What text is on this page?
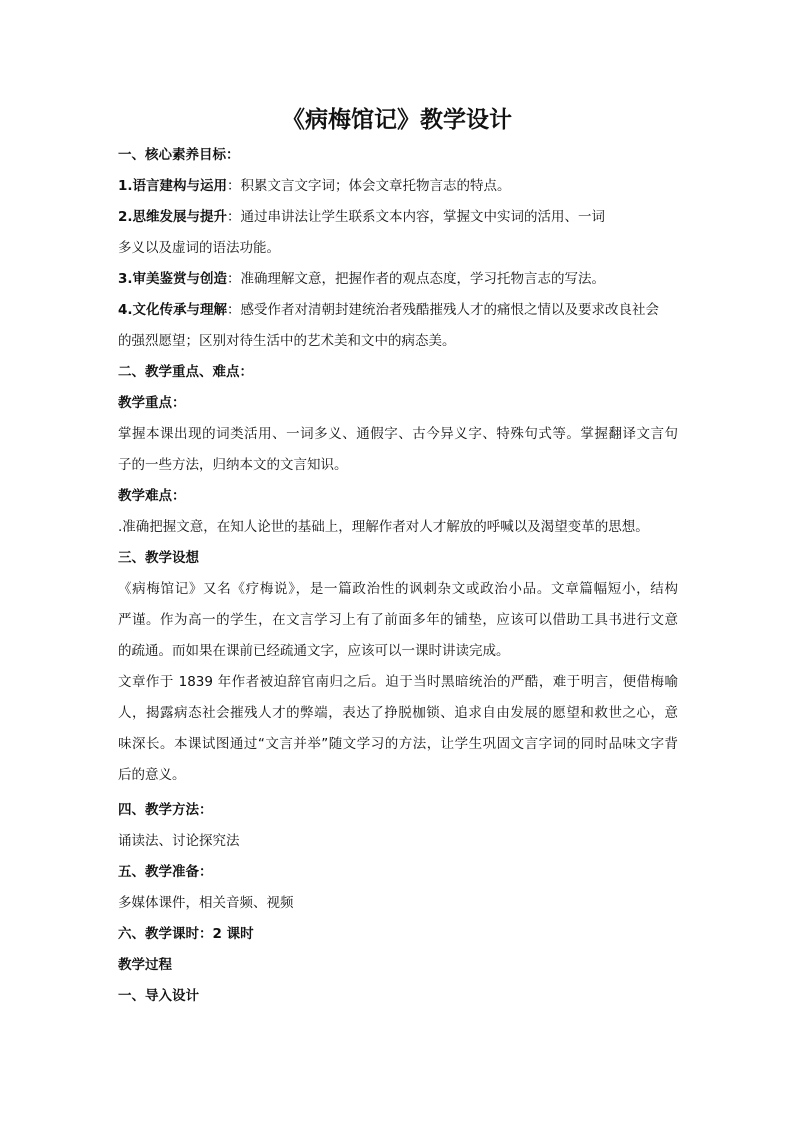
《病梅馆记》教学设计

一、核心素养目标：

1.语言建构与运用：积累文言文字词；体会文章托物言志的特点。

2.思维发展与提升：通过串讲法让学生联系文本内容，掌握文中实词的活用、一词

多义以及虚词的语法功能。

3.审美鉴赏与创造：准确理解文意，把握作者的观点态度，学习托物言志的写法。

4.文化传承与理解：感受作者对清朝封建统治者残酷摧残人才的痛恨之情以及要求改良社会

的强烈愿望；区别对待生活中的艺术美和文中的病态美。

二、教学重点、难点：

教学重点：

掌握本课出现的词类活用、一词多义、通假字、古今异义字、特殊句式等。掌握翻译文言句

子的一些方法，归纳本文的文言知识。

教学难点：

.准确把握文意，在知人论世的基础上，理解作者对人才解放的呼喊以及渴望变革的思想。

三、教学设想

《病梅馆记》又名《疗梅说》，是一篇政治性的讽刺杂文或政治小品。文章篇幅短小，结构

严谨。作为高一的学生，在文言学习上有了前面多年的铺垫，应该可以借助工具书进行文意

的疏通。而如果在课前已经疏通文字，应该可以一课时讲读完成。

文章作于 1839 年作者被迫辞官南归之后。迫于当时黑暗统治的严酷，难于明言，便借梅喻

人，揭露病态社会摧残人才的弊端，表达了挣脱枷锁、追求自由发展的愿望和救世之心，意

味深长。本课试图通过“文言并举”随文学习的方法，让学生巩固文言字词的同时品味文字背

后的意义。

四、教学方法：

诵读法、讨论探究法

五、教学准备：

多媒体课件，相关音频、视频

六、教学课时：2 课时

教学过程

一、导入设计
